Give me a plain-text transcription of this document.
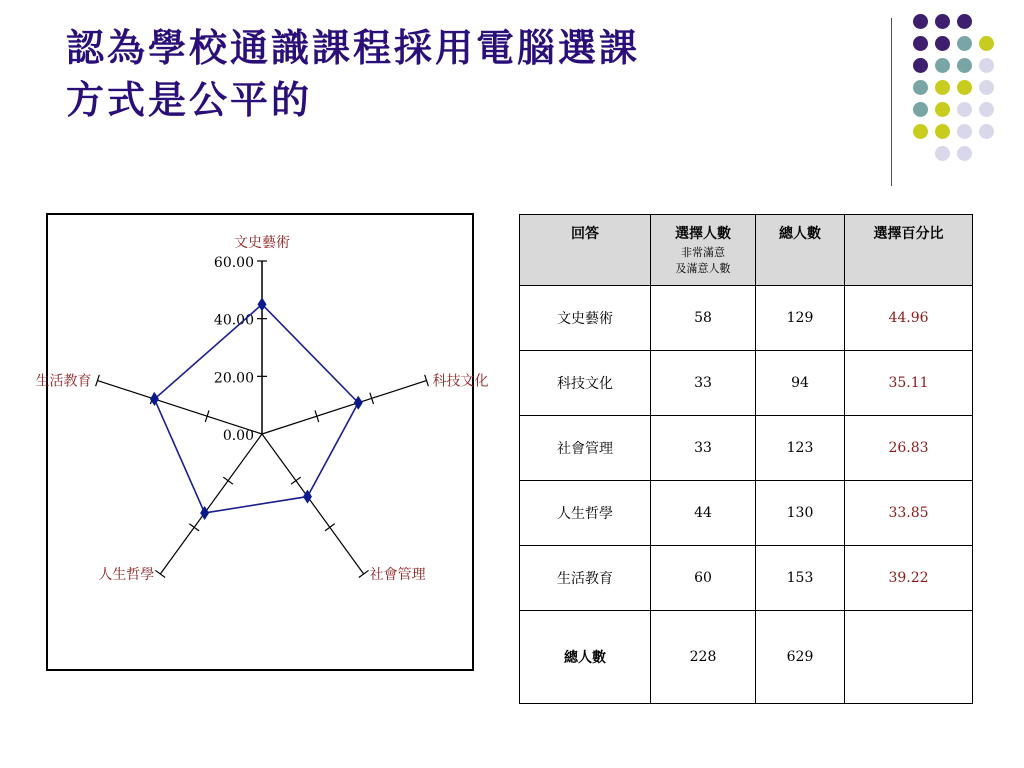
認為學校通識課程採用電腦選課
方式是公平的
0.00
20.00
40.00
60.00
文史藝術
科技文化
社會管理
人生哲學
生活教育
回答	選擇人數
非常滿意
及滿意人數	總人數	選擇百分比
文史藝術	58	129	44.96
科技文化	33	94	35.11
社會管理	33	123	26.83
人生哲學	44	130	33.85
生活教育	60	153	39.22
總人數	228	629	
